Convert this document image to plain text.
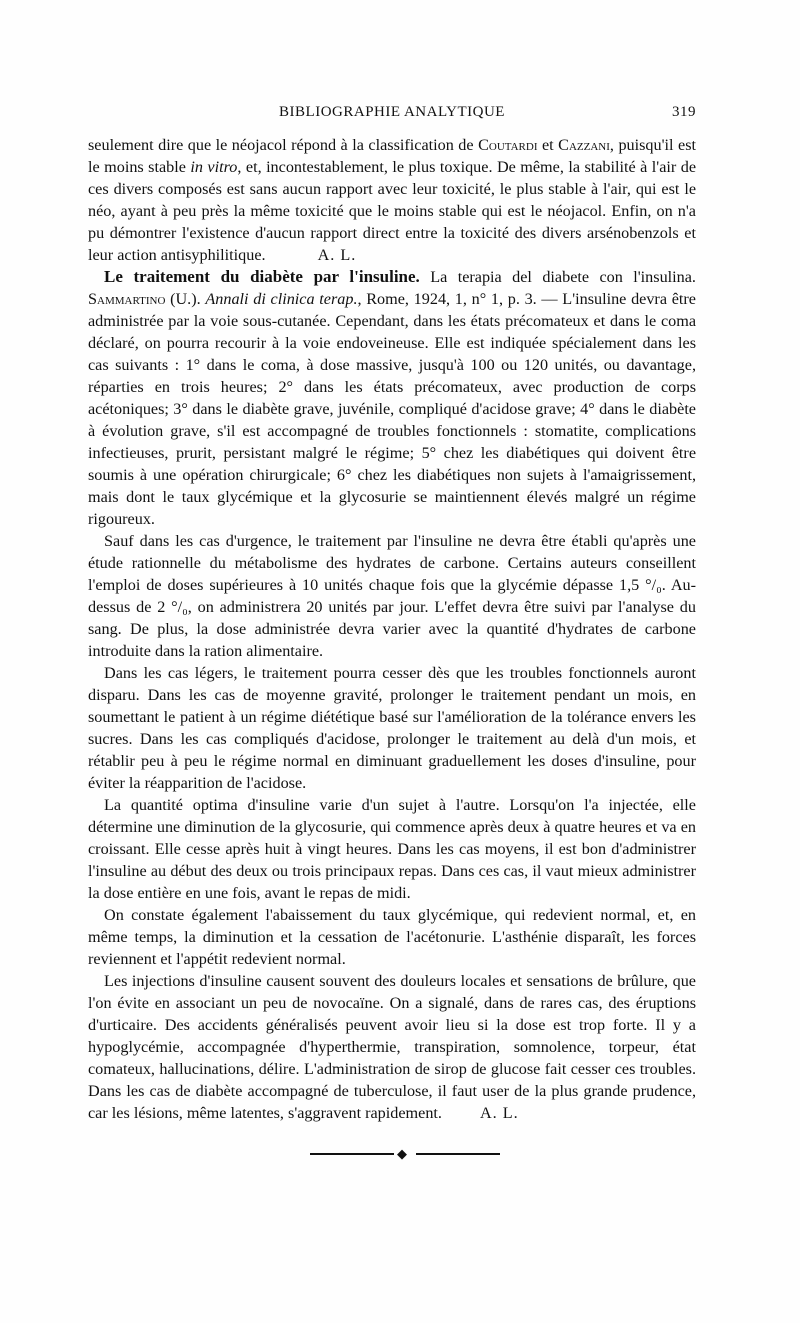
BIBLIOGRAPHIE ANALYTIQUE	319

seulement dire que le néojacol répond à la classification de Coutardi et Cazzani, puisqu'il est le moins stable in vitro, et, incontestablement, le plus toxique. De même, la stabilité à l'air de ces divers composés est sans aucun rapport avec leur toxicité, le plus stable à l'air, qui est le néo, ayant à peu près la même toxicité que le moins stable qui est le néojacol. Enfin, on n'a pu démontrer l'existence d'aucun rapport direct entre la toxicité des divers arsénobenzols et leur action antisyphilitique.	A. L.

Le traitement du diabète par l'insuline. La terapia del diabete con l'insulina. Sammartino (U.). Annali di clinica terap., Rome, 1924, 1, n° 1, p. 3. — L'insuline devra être administrée par la voie sous-cutanée. Cependant, dans les états précomateux et dans le coma déclaré, on pourra recourir à la voie endoveineuse. Elle est indiquée spécialement dans les cas suivants : 1° dans le coma, à dose massive, jusqu'à 100 ou 120 unités, ou davantage, réparties en trois heures; 2° dans les états précomateux, avec production de corps acétoniques; 3° dans le diabète grave, juvénile, compliqué d'acidose grave; 4° dans le diabète à évolution grave, s'il est accompagné de troubles fonctionnels : stomatite, complications infectieuses, prurit, persistant malgré le régime; 5° chez les diabétiques qui doivent être soumis à une opération chirurgicale; 6° chez les diabétiques non sujets à l'amaigrissement, mais dont le taux glycémique et la glycosurie se maintiennent élevés malgré un régime rigoureux.

Sauf dans les cas d'urgence, le traitement par l'insuline ne devra être établi qu'après une étude rationnelle du métabolisme des hydrates de carbone. Certains auteurs conseillent l'emploi de doses supérieures à 10 unités chaque fois que la glycémie dépasse 1,5 °/₀. Au-dessus de 2 °/₀, on administrera 20 unités par jour. L'effet devra être suivi par l'analyse du sang. De plus, la dose administrée devra varier avec la quantité d'hydrates de carbone introduite dans la ration alimentaire.

Dans les cas légers, le traitement pourra cesser dès que les troubles fonctionnels auront disparu. Dans les cas de moyenne gravité, prolonger le traitement pendant un mois, en soumettant le patient à un régime diététique basé sur l'amélioration de la tolérance envers les sucres. Dans les cas compliqués d'acidose, prolonger le traitement au delà d'un mois, et rétablir peu à peu le régime normal en diminuant graduellement les doses d'insuline, pour éviter la réapparition de l'acidose.

La quantité optima d'insuline varie d'un sujet à l'autre. Lorsqu'on l'a injectée, elle détermine une diminution de la glycosurie, qui commence après deux à quatre heures et va en croissant. Elle cesse après huit à vingt heures. Dans les cas moyens, il est bon d'administrer l'insuline au début des deux ou trois principaux repas. Dans ces cas, il vaut mieux administrer la dose entière en une fois, avant le repas de midi.

On constate également l'abaissement du taux glycémique, qui redevient normal, et, en même temps, la diminution et la cessation de l'acétonurie. L'asthénie disparaît, les forces reviennent et l'appétit redevient normal.

Les injections d'insuline causent souvent des douleurs locales et sensations de brûlure, que l'on évite en associant un peu de novocaïne. On a signalé, dans de rares cas, des éruptions d'urticaire. Des accidents généralisés peuvent avoir lieu si la dose est trop forte. Il y a hypoglycémie, accompagnée d'hyperthermie, transpiration, somnolence, torpeur, état comateux, hallucinations, délire. L'administration de sirop de glucose fait cesser ces troubles. Dans les cas de diabète accompagné de tuberculose, il faut user de la plus grande prudence, car les lésions, même latentes, s'aggravent rapidement. A. L.

◆
